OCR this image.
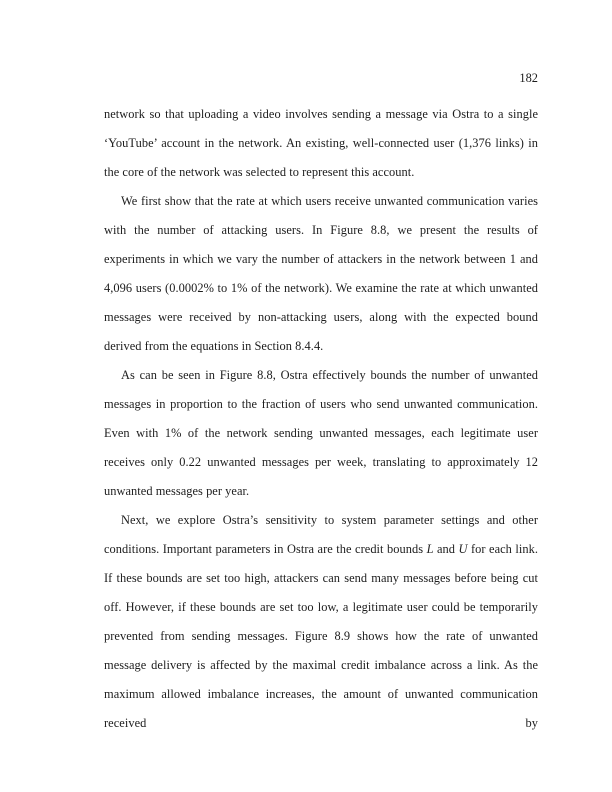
182

network so that uploading a video involves sending a message via Ostra to a single ‘YouTube’ account in the network. An existing, well-connected user (1,376 links) in the core of the network was selected to represent this account.

We first show that the rate at which users receive unwanted communication varies with the number of attacking users. In Figure 8.8, we present the results of experiments in which we vary the number of attackers in the network between 1 and 4,096 users (0.0002% to 1% of the network). We examine the rate at which unwanted messages were received by non-attacking users, along with the expected bound derived from the equations in Section 8.4.4.

As can be seen in Figure 8.8, Ostra effectively bounds the number of unwanted messages in proportion to the fraction of users who send unwanted communication. Even with 1% of the network sending unwanted messages, each legitimate user receives only 0.22 unwanted messages per week, translating to approximately 12 unwanted messages per year.

Next, we explore Ostra’s sensitivity to system parameter settings and other conditions. Important parameters in Ostra are the credit bounds L and U for each link. If these bounds are set too high, attackers can send many messages before being cut off. However, if these bounds are set too low, a legitimate user could be temporarily prevented from sending messages. Figure 8.9 shows how the rate of unwanted message delivery is affected by the maximal credit imbalance across a link. As the maximum allowed imbalance increases, the amount of unwanted communication received by
